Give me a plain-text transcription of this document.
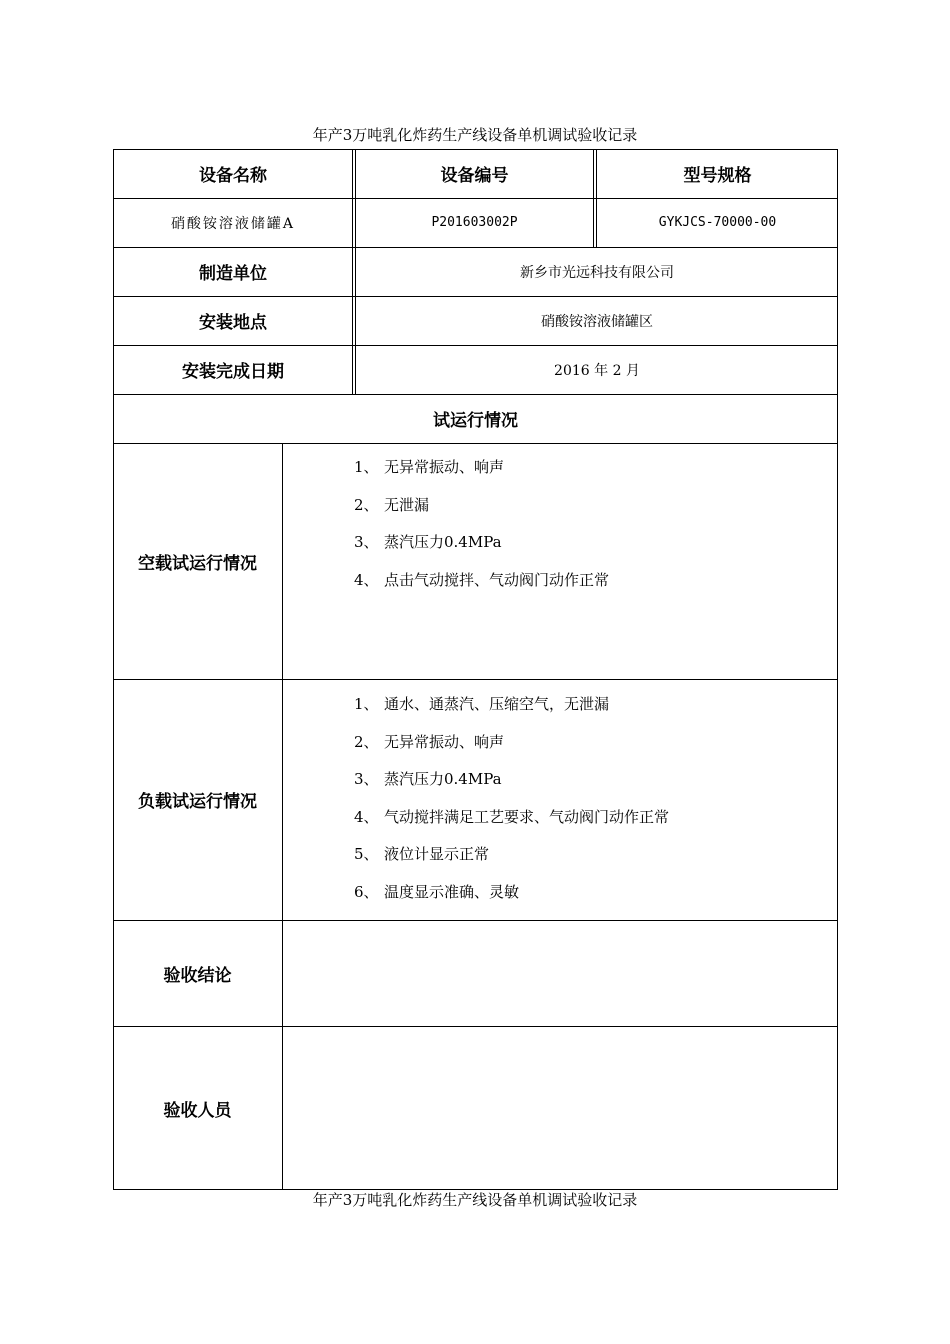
年产3万吨乳化炸药生产线设备单机调试验收记录
设备名称	设备编号	型号规格
硝酸铵溶液储罐A	P201603002P	GYKJCS-70000-00
制造单位	新乡市光远科技有限公司
安装地点	硝酸铵溶液储罐区
安装完成日期	2016 年 2 月
试运行情况
空载试运行情况
1、 无异常振动、响声
2、 无泄漏
3、 蒸汽压力0.4MPa
4、 点击气动搅拌、气动阀门动作正常
负载试运行情况
1、 通水、通蒸汽、压缩空气，无泄漏
2、 无异常振动、响声
3、 蒸汽压力0.4MPa
4、 气动搅拌满足工艺要求、气动阀门动作正常
5、 液位计显示正常
6、 温度显示准确、灵敏
验收结论
验收人员
年产3万吨乳化炸药生产线设备单机调试验收记录
